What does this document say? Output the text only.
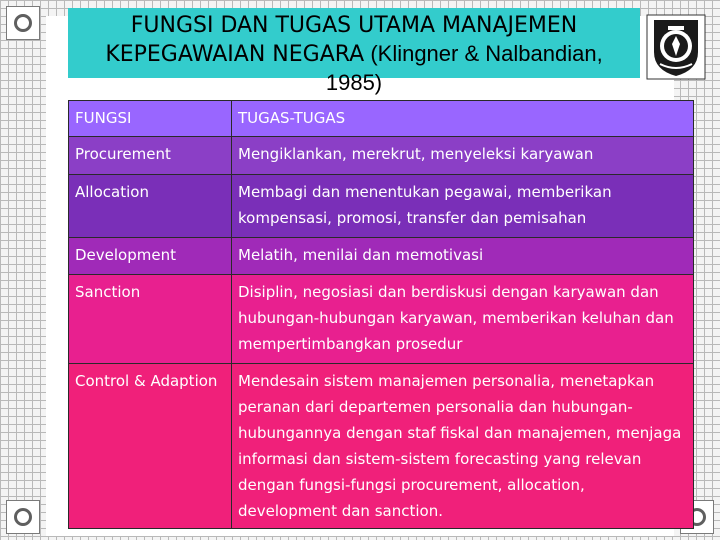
FUNGSI DAN TUGAS UTAMA MANAJEMEN
KEPEGAWAIAN NEGARA (Klingner & Nalbandian,
1985)
FUNGSI	TUGAS-TUGAS
Procurement	Mengiklankan, merekrut, menyeleksi karyawan
Allocation	Membagi dan menentukan pegawai, memberikan kompensasi, promosi, transfer dan pemisahan
Development	Melatih, menilai dan memotivasi
Sanction	Disiplin, negosiasi dan berdiskusi dengan karyawan dan hubungan-hubungan karyawan, memberikan keluhan dan mempertimbangkan prosedur
Control & Adaption	Mendesain sistem manajemen personalia, menetapkan peranan dari departemen personalia dan hubungan-hubungannya dengan staf fiskal dan manajemen, menjaga informasi dan sistem-sistem forecasting yang relevan dengan fungsi-fungsi procurement, allocation, development dan sanction.
